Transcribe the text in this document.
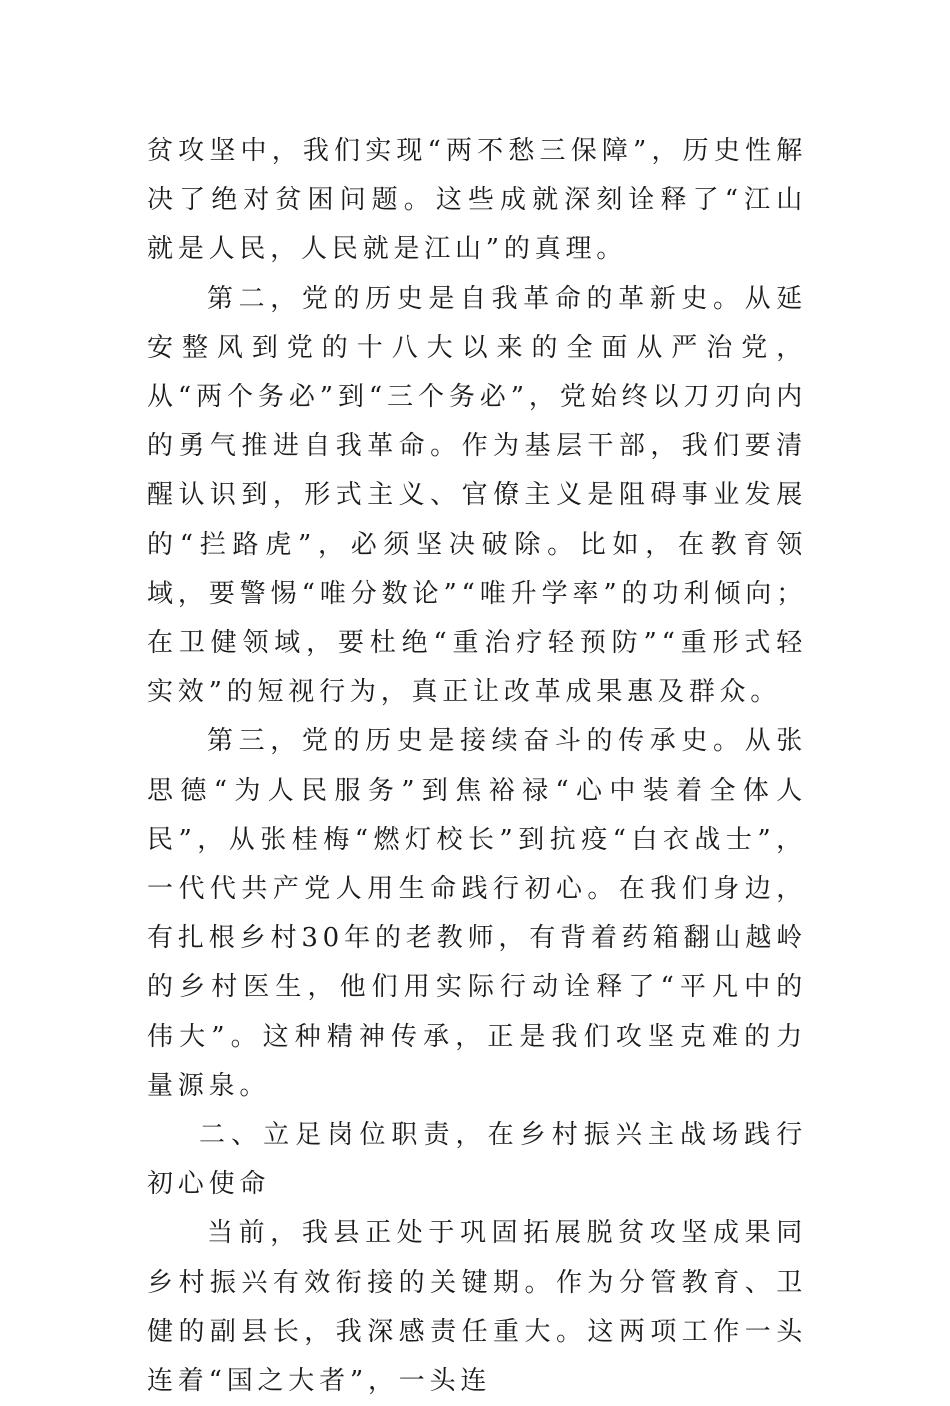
贫攻坚中，我们实现“两不愁三保障”，历史性解决了绝对贫困问题。这些成就深刻诠释了“江山就是人民，人民就是江山”的真理。

第二，党的历史是自我革命的革新史。从延安整风到党的十八大以来的全面从严治党，从“两个务必”到“三个务必”，党始终以刀刃向内的勇气推进自我革命。作为基层干部，我们要清醒认识到，形式主义、官僚主义是阻碍事业发展的“拦路虎”，必须坚决破除。比如，在教育领域，要警惕“唯分数论”“唯升学率”的功利倾向；在卫健领域，要杜绝“重治疗轻预防”“重形式轻实效”的短视行为，真正让改革成果惠及群众。

第三，党的历史是接续奋斗的传承史。从张思德“为人民服务”到焦裕禄“心中装着全体人民”，从张桂梅“燃灯校长”到抗疫“白衣战士”，一代代共产党人用生命践行初心。在我们身边，有扎根乡村30年的老教师，有背着药箱翻山越岭的乡村医生，他们用实际行动诠释了“平凡中的伟大”。这种精神传承，正是我们攻坚克难的力量源泉。

二、立足岗位职责，在乡村振兴主战场践行初心使命

当前，我县正处于巩固拓展脱贫攻坚成果同乡村振兴有效衔接的关键期。作为分管教育、卫健的副县长，我深感责任重大。这两项工作一头连着“国之大者”，一头连
